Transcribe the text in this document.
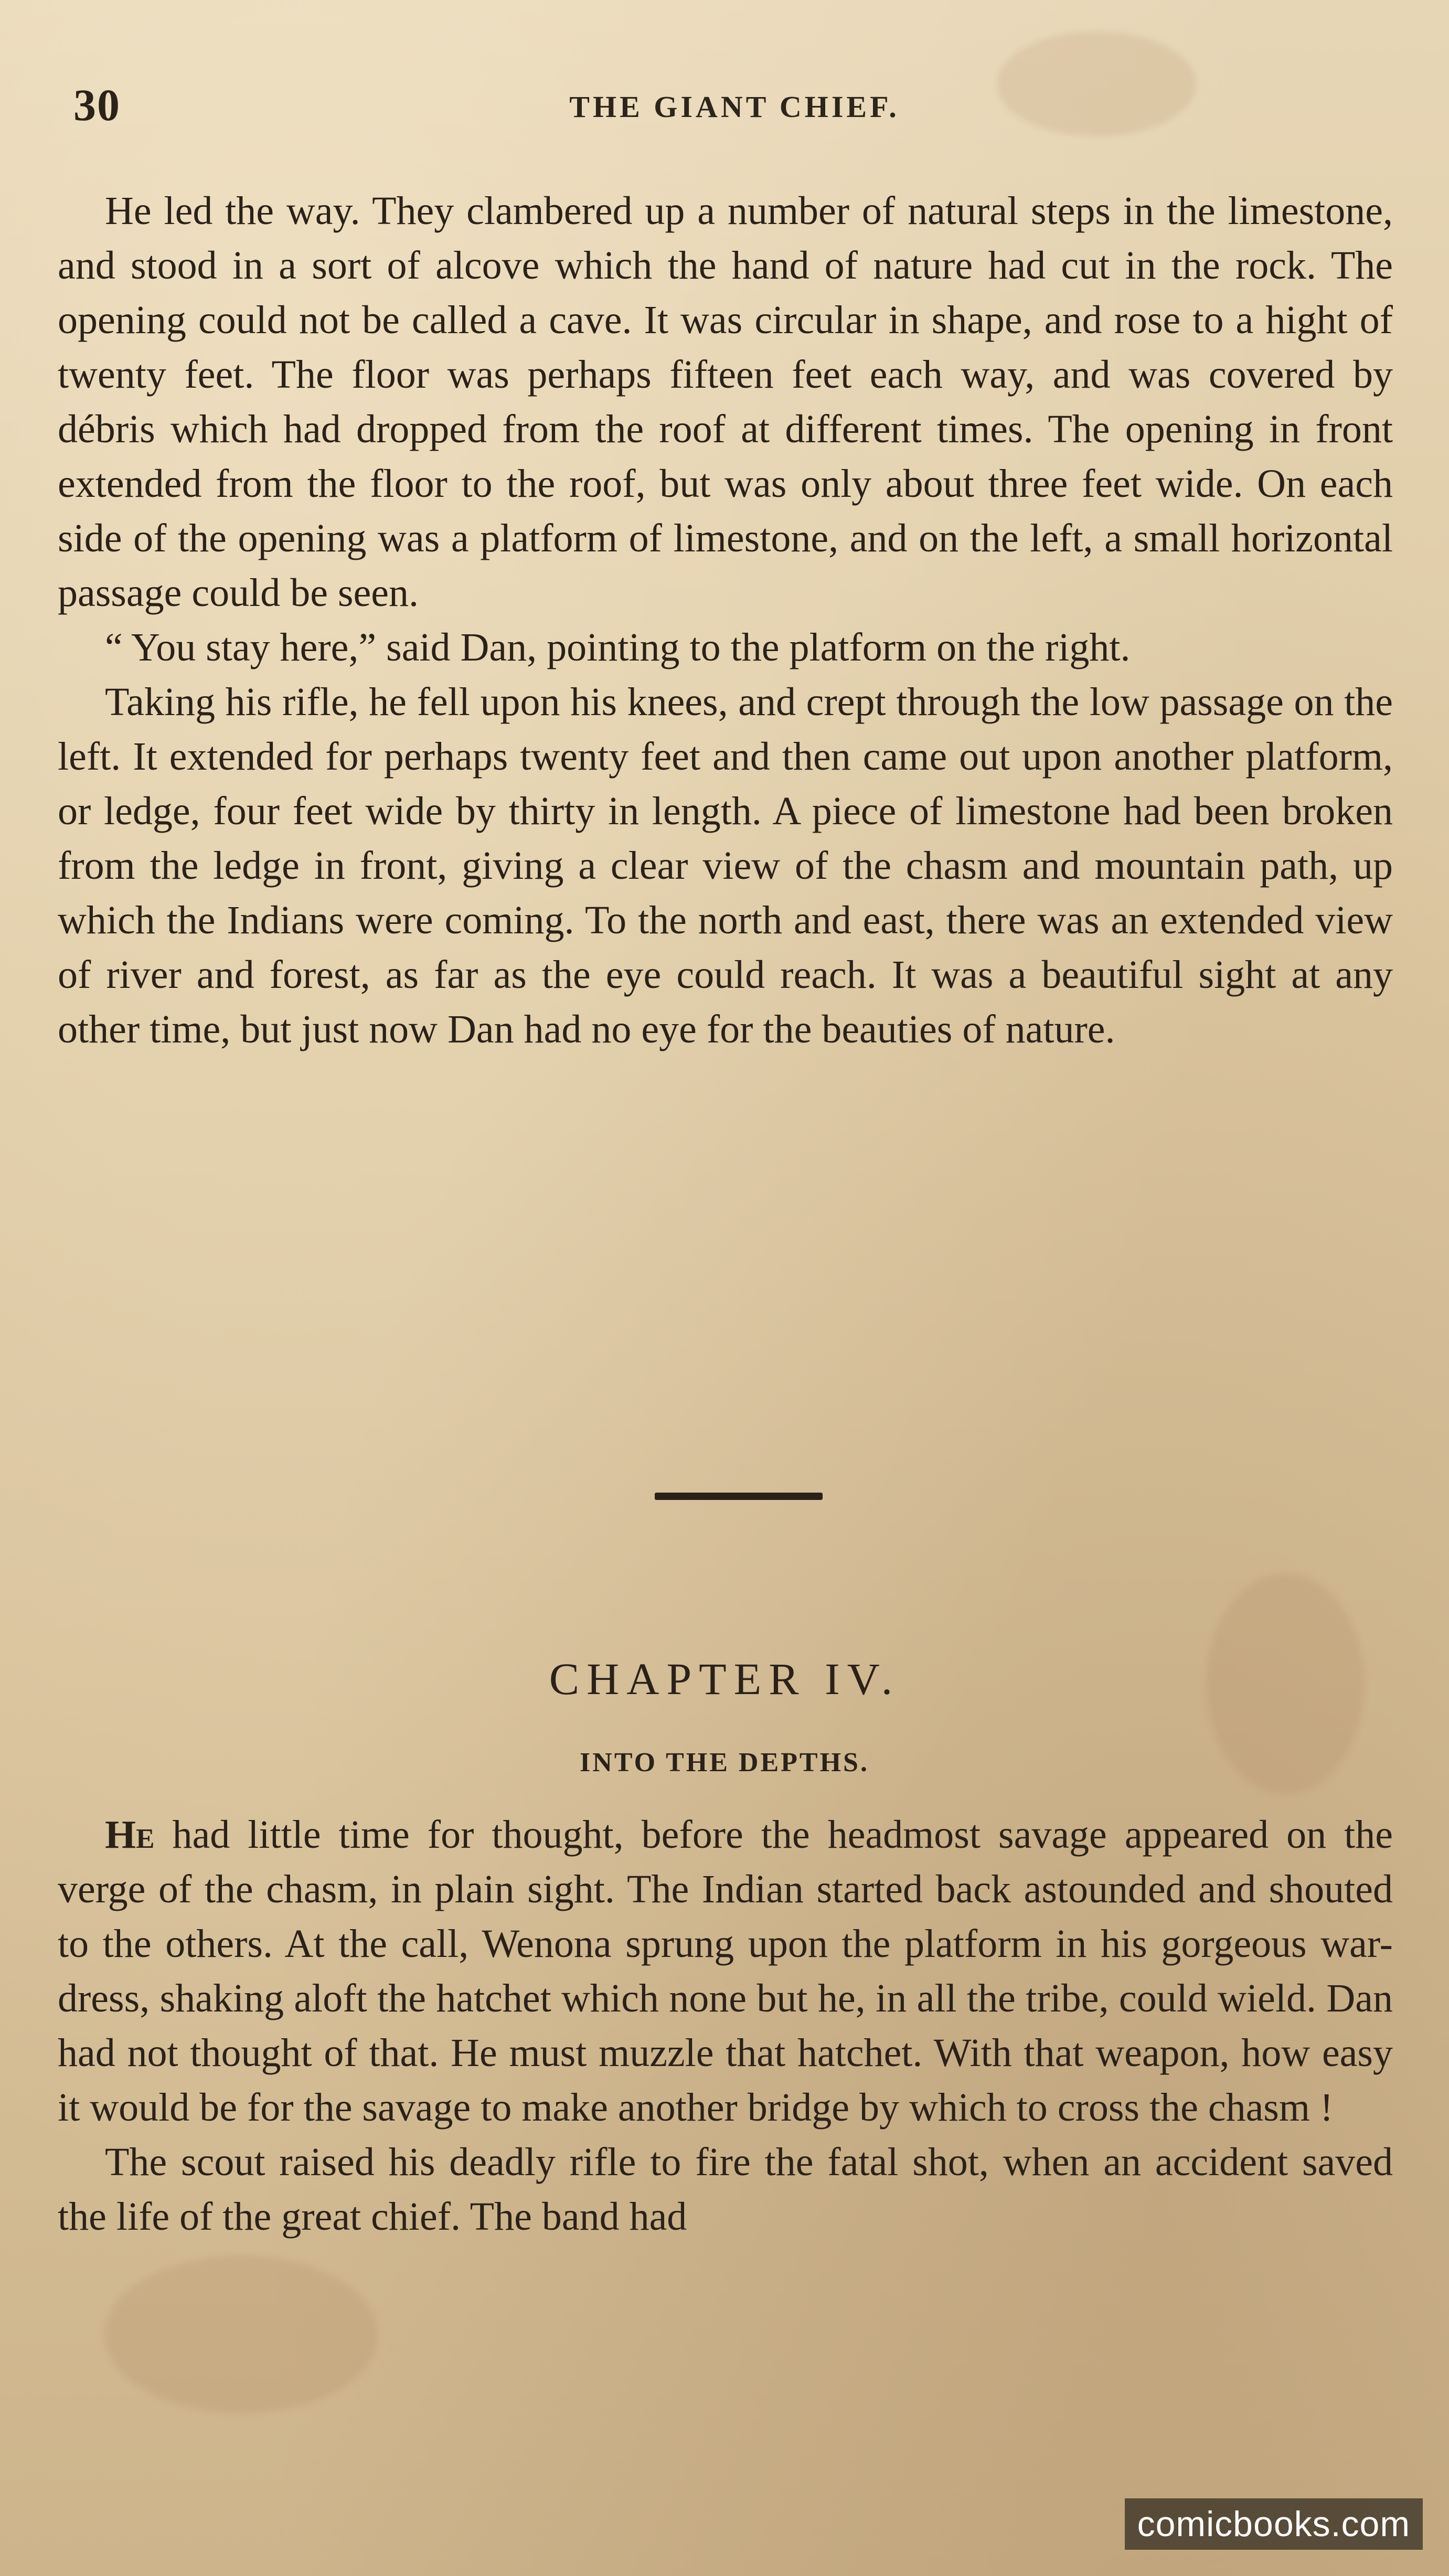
30	THE GIANT CHIEF.

He led the way. They clambered up a number of natural steps in the limestone, and stood in a sort of alcove which the hand of nature had cut in the rock. The opening could not be called a cave. It was circular in shape, and rose to a hight of twenty feet. The floor was perhaps fifteen feet each way, and was covered by débris which had dropped from the roof at different times. The opening in front extended from the floor to the roof, but was only about three feet wide. On each side of the opening was a platform of limestone, and on the left, a small horizontal passage could be seen.

“ You stay here,” said Dan, pointing to the platform on the right.

Taking his rifle, he fell upon his knees, and crept through the low passage on the left. It extended for perhaps twenty feet and then came out upon another platform, or ledge, four feet wide by thirty in length. A piece of limestone had been broken from the ledge in front, giving a clear view of the chasm and mountain path, up which the Indians were coming. To the north and east, there was an extended view of river and forest, as far as the eye could reach. It was a beautiful sight at any other time, but just now Dan had no eye for the beauties of nature.

CHAPTER IV.
INTO THE DEPTHS.

He had little time for thought, before the headmost savage appeared on the verge of the chasm, in plain sight. The Indian started back astounded and shouted to the others. At the call, Wenona sprung upon the platform in his gorgeous war-dress, shaking aloft the hatchet which none but he, in all the tribe, could wield. Dan had not thought of that. He must muzzle that hatchet. With that weapon, how easy it would be for the savage to make another bridge by which to cross the chasm !

The scout raised his deadly rifle to fire the fatal shot, when an accident saved the life of the great chief. The band had

comicbooks.com
